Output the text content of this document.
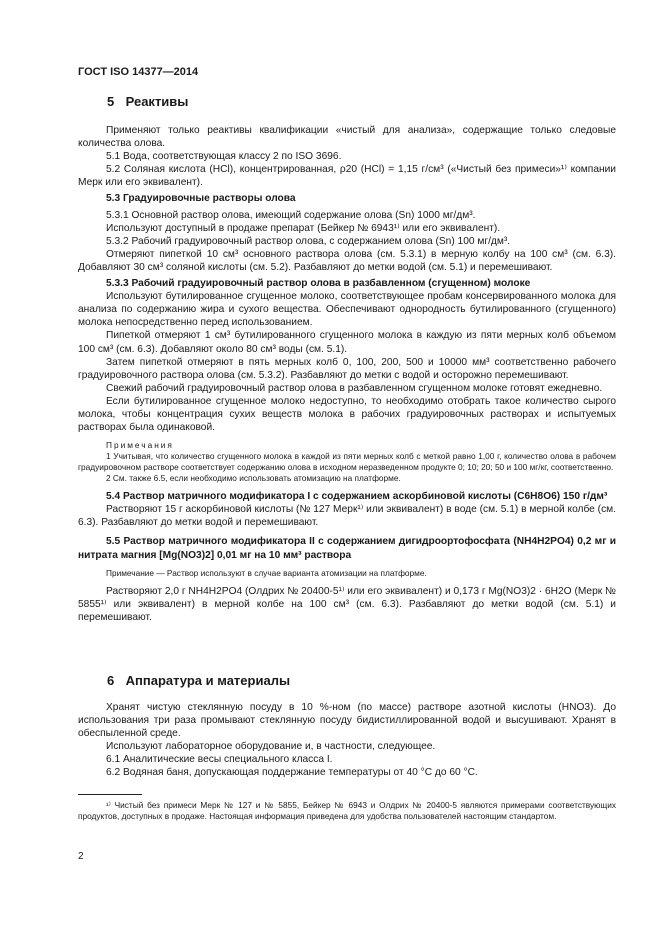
ГОСТ ISO 14377—2014
5 Реактивы

Применяют только реактивы квалификации «чистый для анализа», содержащие только следовые количества олова.

5.1 Вода, соответствующая классу 2 по ISO 3696.

5.2 Соляная кислота (HCl), концентрированная, ρ20 (HCl) = 1,15 г/см³ («Чистый без примеси»¹⁾ компании Мерк или его эквивалент).

5.3 Градуировочные растворы олова

5.3.1 Основной раствор олова, имеющий содержание олова (Sn) 1000 мг/дм³.

Используют доступный в продаже препарат (Бейкер № 6943¹⁾ или его эквивалент).

5.3.2 Рабочий градуировочный раствор олова, с содержанием олова (Sn) 100 мг/дм³.

Отмеряют пипеткой 10 см³ основного раствора олова (см. 5.3.1) в мерную колбу на 100 см³ (см. 6.3). Добавляют 30 см³ соляной кислоты (см. 5.2). Разбавляют до метки водой (см. 5.1) и перемешивают.

5.3.3 Рабочий градуировочный раствор олова в разбавленном (сгущенном) молоке

Используют бутилированное сгущенное молоко, соответствующее пробам консервированного молока для анализа по содержанию жира и сухого вещества. Обеспечивают однородность бутилированного (сгущенного) молока непосредственно перед использованием.

Пипеткой отмеряют 1 см³ бутилированного сгущенного молока в каждую из пяти мерных колб объемом 100 см³ (см. 6.3). Добавляют около 80 см³ воды (см. 5.1).

Затем пипеткой отмеряют в пять мерных колб 0, 100, 200, 500 и 10000 мм³ соответственно рабочего градуировочного раствора олова (см. 5.3.2). Разбавляют до метки с водой и осторожно перемешивают.

Свежий рабочий градуировочный раствор олова в разбавленном сгущенном молоке готовят ежедневно.

Если бутилированное сгущенное молоко недоступно, то необходимо отобрать такое количество сырого молока, чтобы концентрация сухих веществ молока в рабочих градуировочных растворах и испытуемых растворах была одинаковой.

Примечания

1 Учитывая, что количество сгущенного молока в каждой из пяти мерных колб с меткой равно 1,00 г, количество олова в рабочем градуировочном растворе соответствует содержанию олова в исходном неразведенном продукте 0; 10; 20; 50 и 100 мг/кг, соответственно.

2 См. также 6.5, если необходимо использовать атомизацию на платформе.

5.4 Раствор матричного модификатора I с содержанием аскорбиновой кислоты (C6H8O6) 150 г/дм³

Растворяют 15 г аскорбиновой кислоты (№ 127 Мерк¹⁾ или эквивалент) в воде (см. 5.1) в мерной колбе (см. 6.3). Разбавляют до метки водой и перемешивают.

5.5 Раствор матричного модификатора II с содержанием дигидроортофосфата (NH4H2PO4) 0,2 мг и нитрата магния [Mg(NO3)2] 0,01 мг на 10 мм³ раствора

Примечание — Раствор используют в случае варианта атомизации на платформе.

Растворяют 2,0 г NH4H2PO4 (Олдрих № 20400-5¹⁾ или его эквивалент) и 0,173 г Mg(NO3)2 · 6H2O (Мерк № 5855¹⁾ или эквивалент) в мерной колбе на 100 см³ (см. 6.3). Разбавляют до метки водой (см. 5.1) и перемешивают.

6 Аппаратура и материалы

Хранят чистую стеклянную посуду в 10 %-ном (по массе) растворе азотной кислоты (HNO3). До использования три раза промывают стеклянную посуду бидистиллированной водой и высушивают. Хранят в обеспыленной среде.

Используют лабораторное оборудование и, в частности, следующее.

6.1 Аналитические весы специального класса I.

6.2 Водяная баня, допускающая поддержание температуры от 40 °C до 60 °C.

¹⁾ Чистый без примеси Мерк № 127 и № 5855, Бейкер № 6943 и Олдрих № 20400-5 являются примерами соответствующих продуктов, доступных в продаже. Настоящая информация приведена для удобства пользователей настоящим стандартом.

2
